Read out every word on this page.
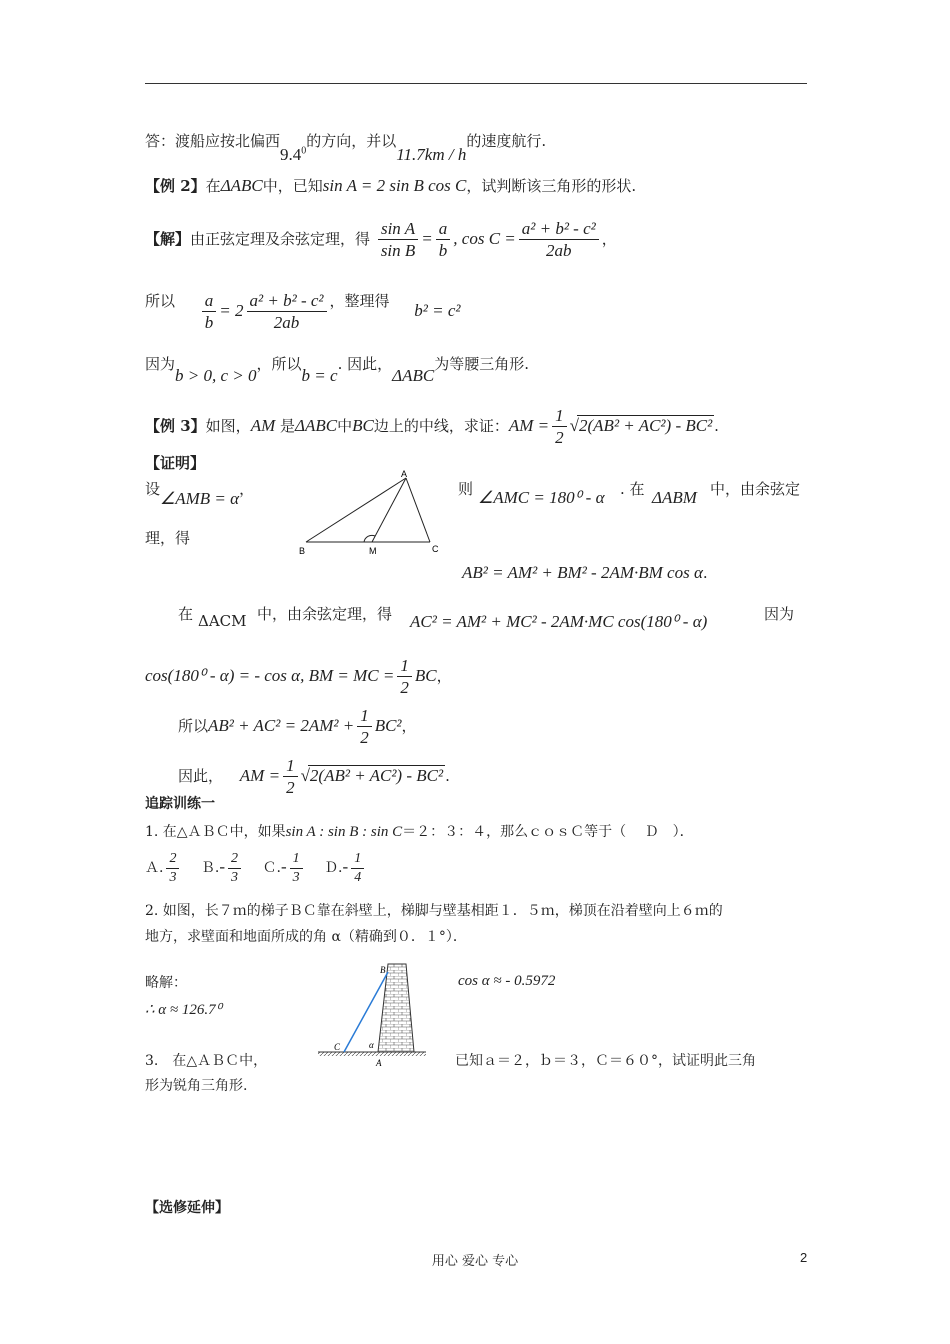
答：渡船应按北偏西$9.4^0$的方向，并以11.7km / h的速度航行.
【例 2】在ΔABC中，已知sin A = 2 sin B cos C，试判断该三角形的形状.
【解】由正弦定理及余弦定理，得 $\frac{\text{sin A}}{\text{sin B}} = \frac{a}{b}$ , $\cos C = \frac{\text{a² + b² - c²}}{2ab}$ ，
所以 $\frac{a}{b} = 2 \frac{\text{a² + b² - c²}}{2ab}$ ，整理得 b² = c²
因为b > 0, c > 0，所以b = c. 因此，ΔABC为等腰三角形.
【例 3】如图，AM 是ΔABC中BC边上的中线，求证：AM = $\frac{1}{2} √2(AB^2 + AC^2) - BC^2$ .
【证明】
设∠AMB = α，
理，得
A
B	M	C
则 ∠AMC = 180⁰ - α . 在 ΔABM 中，由余弦定
AB² = AM² + BM² - 2AM·BM cos α.
在 ΔACM 中，由余弦定理，得 AC² = AM² + MC² - 2AM·MC cos(180⁰ - α)	因为
cos(180⁰ - α) = - cos α, BM = MC = $\frac{1}{2}$ BC，
所以$AB^2 + AC^2 = 2AM^2 + \frac{1}{2} BC^2$，
因此， AM = $\frac{1}{2} √2(AB^2 + AC^2) - BC^2$ .
追踪训练一
1. 在△ＡＢＣ中，如果sin A : sin B : sin C＝２：３：４，那么ｃｏｓＣ等于（　 Ｄ　）．
Ａ. $\frac{2}{3}$ Ｂ.- $\frac{2}{3}$ Ｃ.- $\frac{1}{3}$ Ｄ.- $\frac{1}{4}$
2. 如图，长７ｍ的梯子ＢＣ靠在斜壁上，梯脚与壁基相距１．５ｍ，梯顶在沿着壁向上６ｍ的
地方，求壁面和地面所成的角 α（精确到０．１°）．
略解：
∴ α ≈ 126.7⁰
cos α ≈ - 0.5972
B
C	α
A
3.　在△ＡＢＣ中，	已知ａ＝２，ｂ＝３，Ｃ＝６０°，试证明此三角
形为锐角三角形.
【选修延伸】
用心 爱心 专心	2
